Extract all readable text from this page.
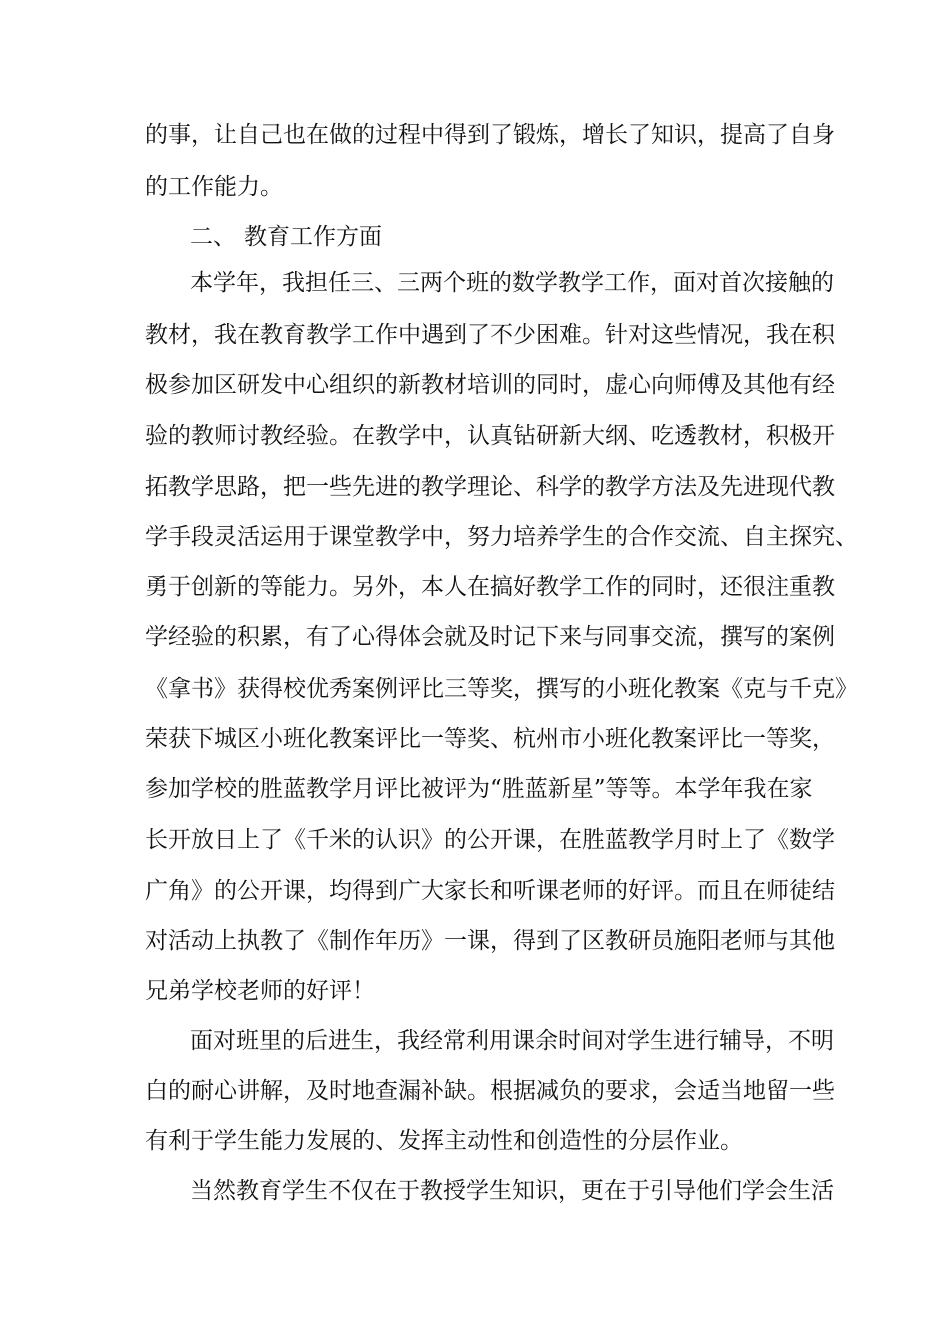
的事，让自己也在做的过程中得到了锻炼，增长了知识，提高了自身

的工作能力。

二、 教育工作方面

本学年，我担任三、三两个班的数学教学工作，面对首次接触的

教材，我在教育教学工作中遇到了不少困难。针对这些情况，我在积

极参加区研发中心组织的新教材培训的同时，虚心向师傅及其他有经

验的教师讨教经验。在教学中，认真钻研新大纲、吃透教材，积极开

拓教学思路，把一些先进的教学理论、科学的教学方法及先进现代教

学手段灵活运用于课堂教学中，努力培养学生的合作交流、自主探究、

勇于创新的等能力。另外，本人在搞好教学工作的同时，还很注重教

学经验的积累，有了心得体会就及时记下来与同事交流，撰写的案例

《拿书》获得校优秀案例评比三等奖，撰写的小班化教案《克与千克》

荣获下城区小班化教案评比一等奖、杭州市小班化教案评比一等奖，

参加学校的胜蓝教学月评比被评为“胜蓝新星”等等。本学年我在家

长开放日上了《千米的认识》的公开课，在胜蓝教学月时上了《数学

广角》的公开课，均得到广大家长和听课老师的好评。而且在师徒结

对活动上执教了《制作年历》一课，得到了区教研员施阳老师与其他

兄弟学校老师的好评！

面对班里的后进生，我经常利用课余时间对学生进行辅导，不明

白的耐心讲解，及时地查漏补缺。根据减负的要求，会适当地留一些

有利于学生能力发展的、发挥主动性和创造性的分层作业。

当然教育学生不仅在于教授学生知识，更在于引导他们学会生活
